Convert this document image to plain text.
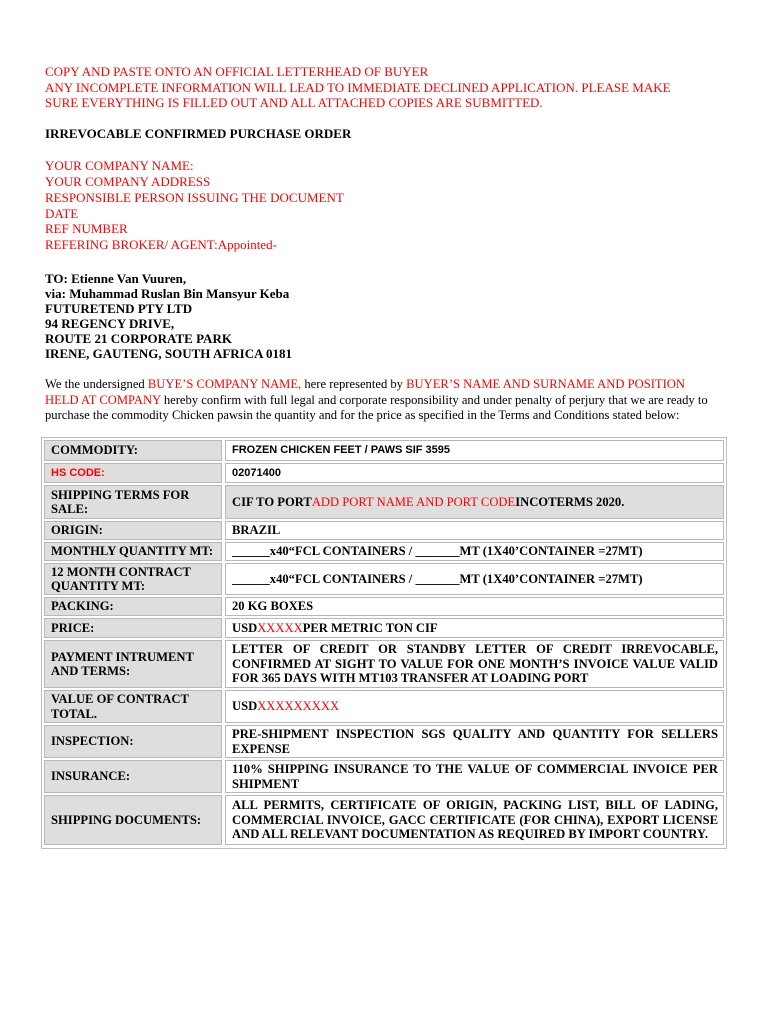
COPY AND PASTE ONTO AN OFFICIAL LETTERHEAD OF BUYER
ANY INCOMPLETE INFORMATION WILL LEAD TO IMMEDIATE DECLINED APPLICATION. PLEASE MAKE
SURE EVERYTHING IS FILLED OUT AND ALL ATTACHED COPIES ARE SUBMITTED.
IRREVOCABLE CONFIRMED PURCHASE ORDER
YOUR COMPANY NAME:
YOUR COMPANY ADDRESS
RESPONSIBLE PERSON ISSUING THE DOCUMENT
DATE
REF NUMBER
REFERING BROKER/ AGENT:Appointed-
TO: Etienne Van Vuuren,
via: Muhammad Ruslan Bin Mansyur Keba
FUTURETEND PTY LTD
94 REGENCY DRIVE,
ROUTE 21 CORPORATE PARK
IRENE, GAUTENG, SOUTH AFRICA 0181
We the undersigned BUYE’S COMPANY NAME, here represented by BUYER’S NAME AND SURNAME AND POSITION HELD AT COMPANY hereby confirm with full legal and corporate responsibility and under penalty of perjury that we are ready to purchase the commodity Chicken pawsin the quantity and for the price as specified in the Terms and Conditions stated below:
COMMODITY:	FROZEN CHICKEN FEET / PAWS SIF 3595
HS CODE:	02071400
SHIPPING TERMS FOR SALE:
CIF TO PORT ADD PORT NAME AND PORT CODE INCOTERMS 2020.
ORIGIN:	BRAZIL
MONTHLY QUANTITY MT:	______x40“FCL CONTAINERS / _______MT (1X40’CONTAINER =27MT)
12 MONTH CONTRACT QUANTITY MT:
______x40“FCL CONTAINERS / _______MT (1X40’CONTAINER =27MT)
PACKING:	20 KG BOXES
PRICE:	USD XXXXX PER METRIC TON CIF
PAYMENT INTRUMENT AND TERMS:
LETTER OF CREDIT OR STANDBY LETTER OF CREDIT IRREVOCABLE, CONFIRMED AT SIGHT TO VALUE FOR ONE MONTH’S INVOICE VALUE VALID FOR 365 DAYS WITH MT103 TRANSFER AT LOADING PORT
VALUE OF CONTRACT TOTAL.
USD XXXXXXXXX
INSPECTION:
PRE-SHIPMENT INSPECTION SGS QUALITY AND QUANTITY FOR SELLERS EXPENSE
INSURANCE:
110% SHIPPING INSURANCE TO THE VALUE OF COMMERCIAL INVOICE PER SHIPMENT
SHIPPING DOCUMENTS:
ALL PERMITS, CERTIFICATE OF ORIGIN, PACKING LIST, BILL OF LADING, COMMERCIAL INVOICE, GACC CERTIFICATE (FOR CHINA), EXPORT LICENSE AND ALL RELEVANT DOCUMENTATION AS REQUIRED BY IMPORT COUNTRY.
